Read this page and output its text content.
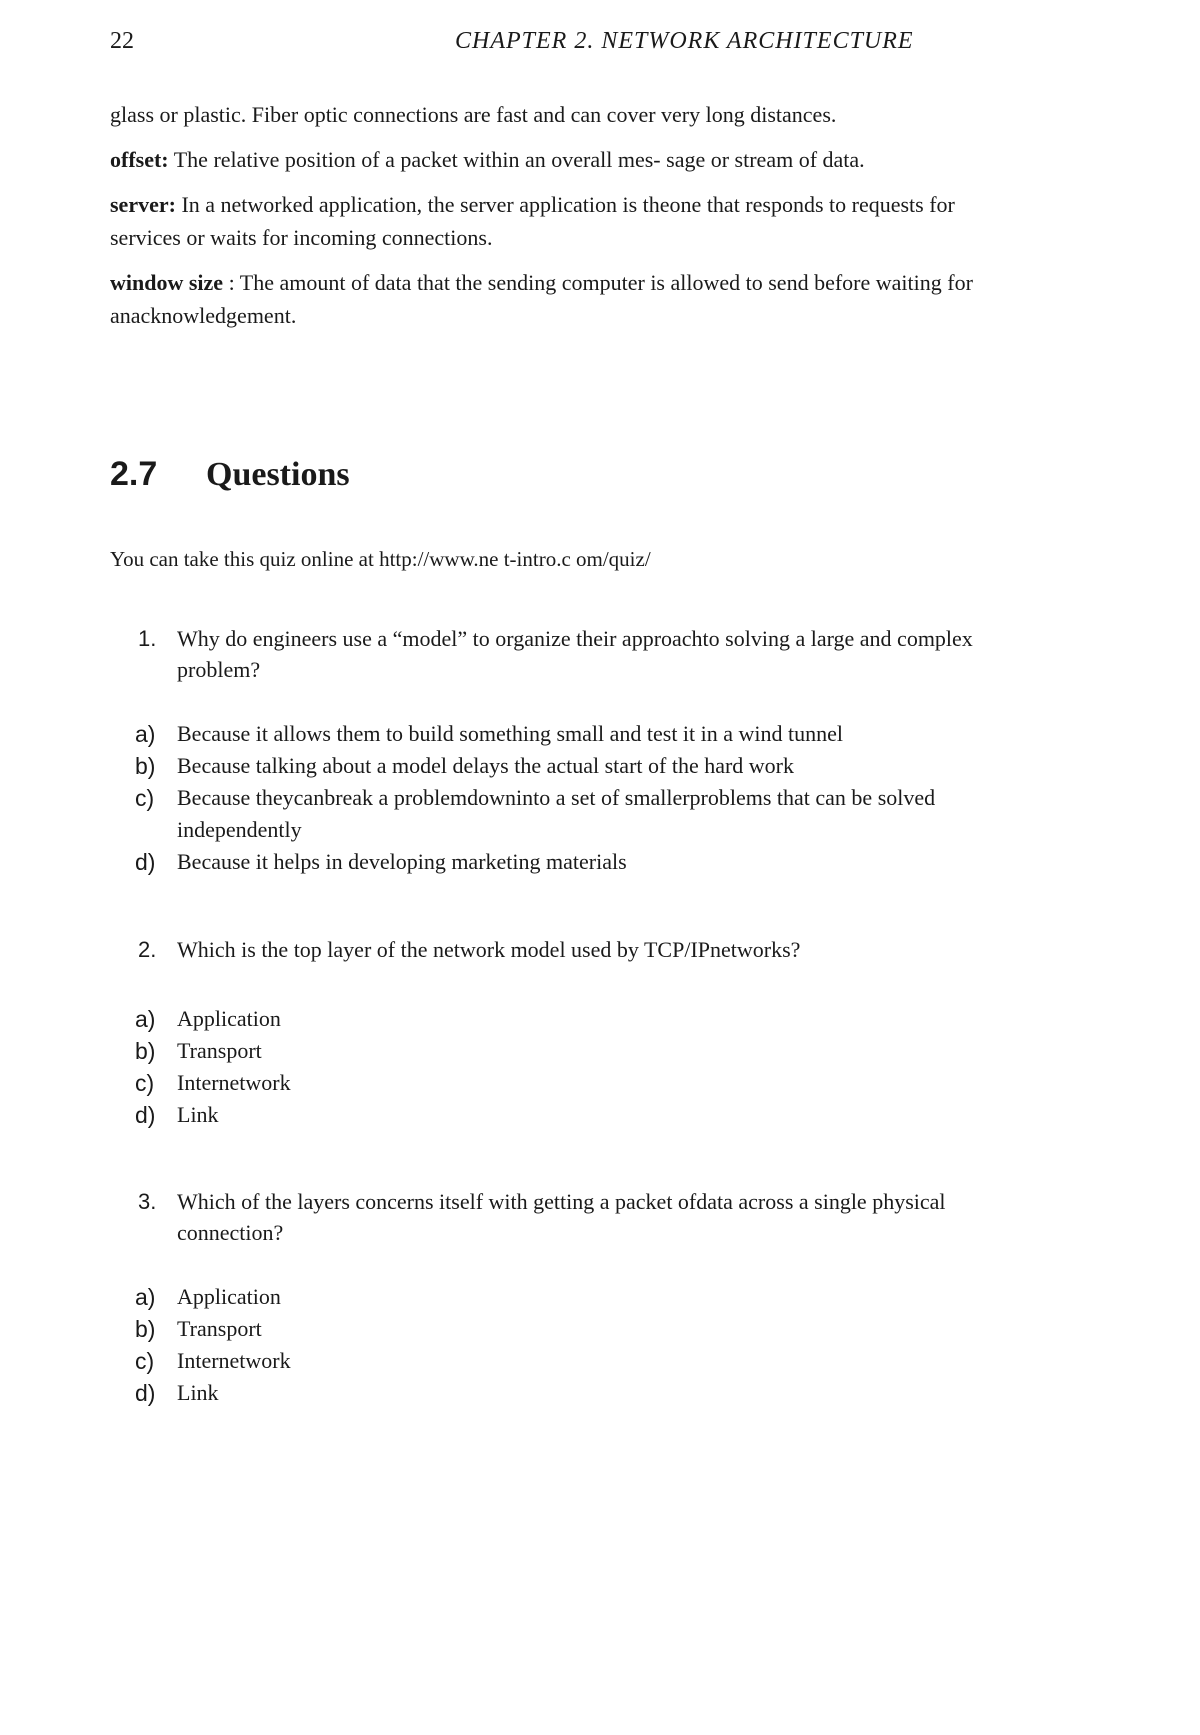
22	CHAPTER 2. NETWORK ARCHITECTURE

glass or plastic. Fiber optic connections are fast and can cover very long distances.

offset: The relative position of a packet within an overall mes- sage or stream of data.

server: In a networked application, the server application is theone that responds to requests for services or waits for incoming connections.

window size : The amount of data that the sending computer is allowed to send before waiting for anacknowledgement.

2.7 Questions
You can take this quiz online at http://www.ne t-intro.c om/quiz/
1. Why do engineers use a “model” to organize their approachto solving a large and complex problem?
a) Because it allows them to build something small and test it in a wind tunnel
b) Because talking about a model delays the actual start of the hard work
c) Because theycanbreak a problemdowninto a set of smallerproblems that can be solved independently
d) Because it helps in developing marketing materials
2. Which is the top layer of the network model used by TCP/IPnetworks?
a) Application
b) Transport
c) Internetwork
d) Link
3. Which of the layers concerns itself with getting a packet ofdata across a single physical connection?
a) Application
b) Transport
c) Internetwork
d) Link
